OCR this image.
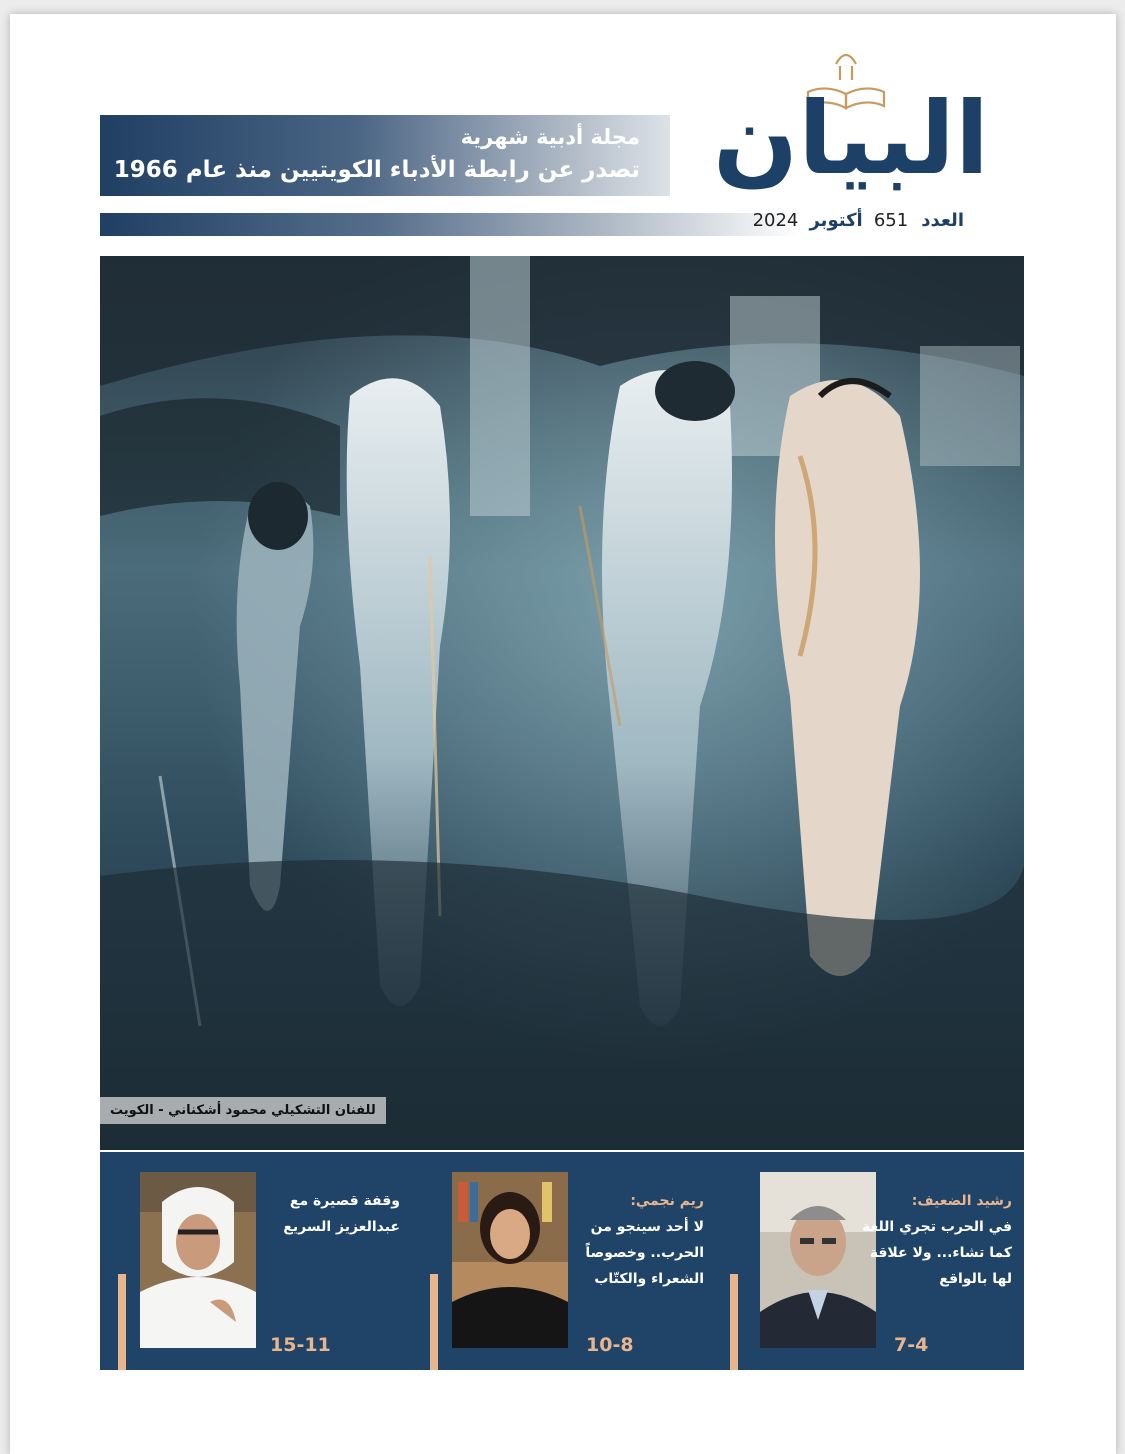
مجلة أدبية شهرية
تصدر عن رابطة الأدباء الكويتيين منذ عام 1966 البيان
العدد 651 أكتوبر 2024
للفنان التشكيلي محمود أشكناني - الكويت
رشيد الضعيف:
في الحرب تجري اللغة كما تشاء... ولا علاقة لها بالواقع
7-4
ريم نجمي:
لا أحد سينجو من الحرب.. وخصوصاً الشعراء والكتّاب
10-8
وقفة قصيرة مع عبدالعزيز السريع
15-11
